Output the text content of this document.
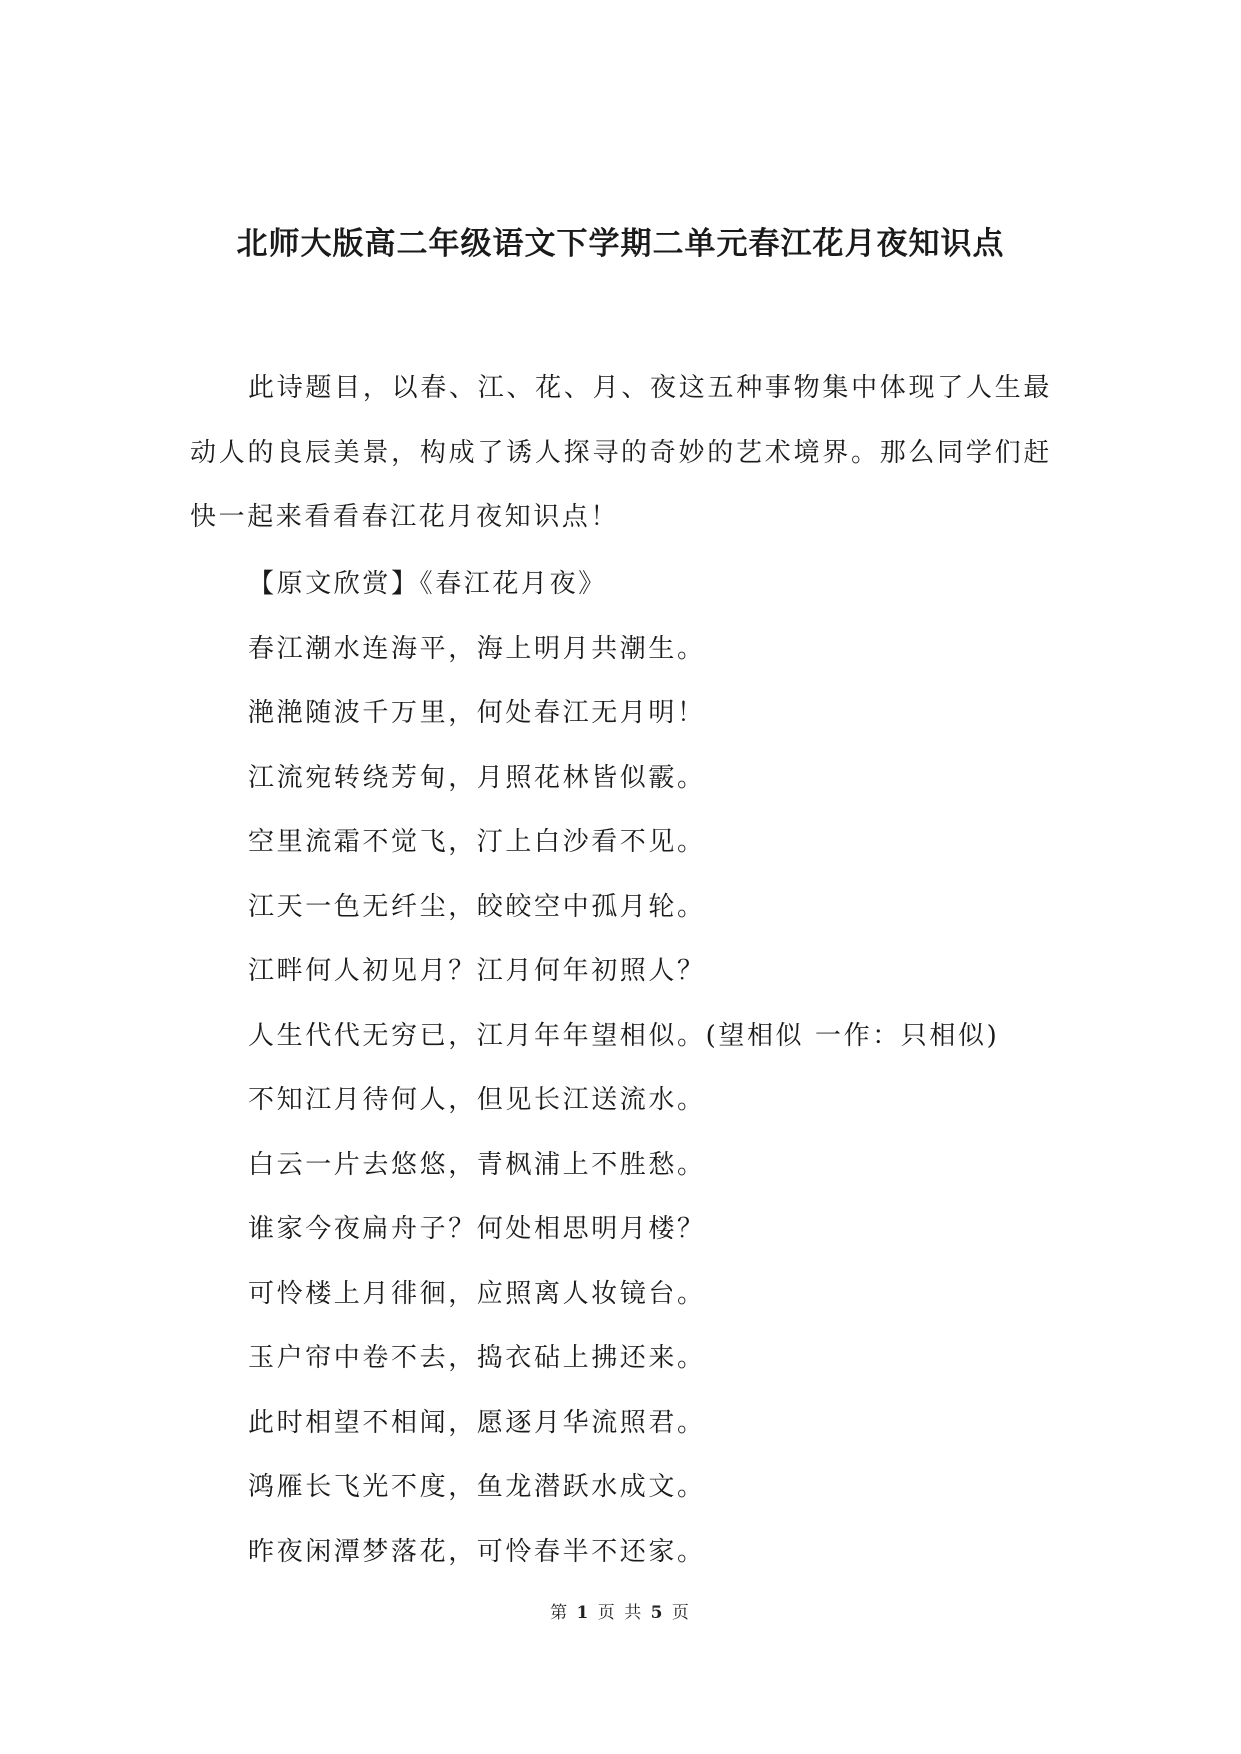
北师大版高二年级语文下学期二单元春江花月夜知识点

此诗题目，以春、江、花、月、夜这五种事物集中体现了人生最动人的良辰美景，构成了诱人探寻的奇妙的艺术境界。那么同学们赶快一起来看看春江花月夜知识点！

【原文欣赏】《春江花月夜》
春江潮水连海平，海上明月共潮生。
滟滟随波千万里，何处春江无月明！
江流宛转绕芳甸，月照花林皆似霰。
空里流霜不觉飞，汀上白沙看不见。
江天一色无纤尘，皎皎空中孤月轮。
江畔何人初见月？江月何年初照人？
人生代代无穷已，江月年年望相似。(望相似 一作：只相似)
不知江月待何人，但见长江送流水。
白云一片去悠悠，青枫浦上不胜愁。
谁家今夜扁舟子？何处相思明月楼？
可怜楼上月徘徊，应照离人妆镜台。
玉户帘中卷不去，捣衣砧上拂还来。
此时相望不相闻，愿逐月华流照君。
鸿雁长飞光不度，鱼龙潜跃水成文。
昨夜闲潭梦落花，可怜春半不还家。
第 1 页 共 5 页
